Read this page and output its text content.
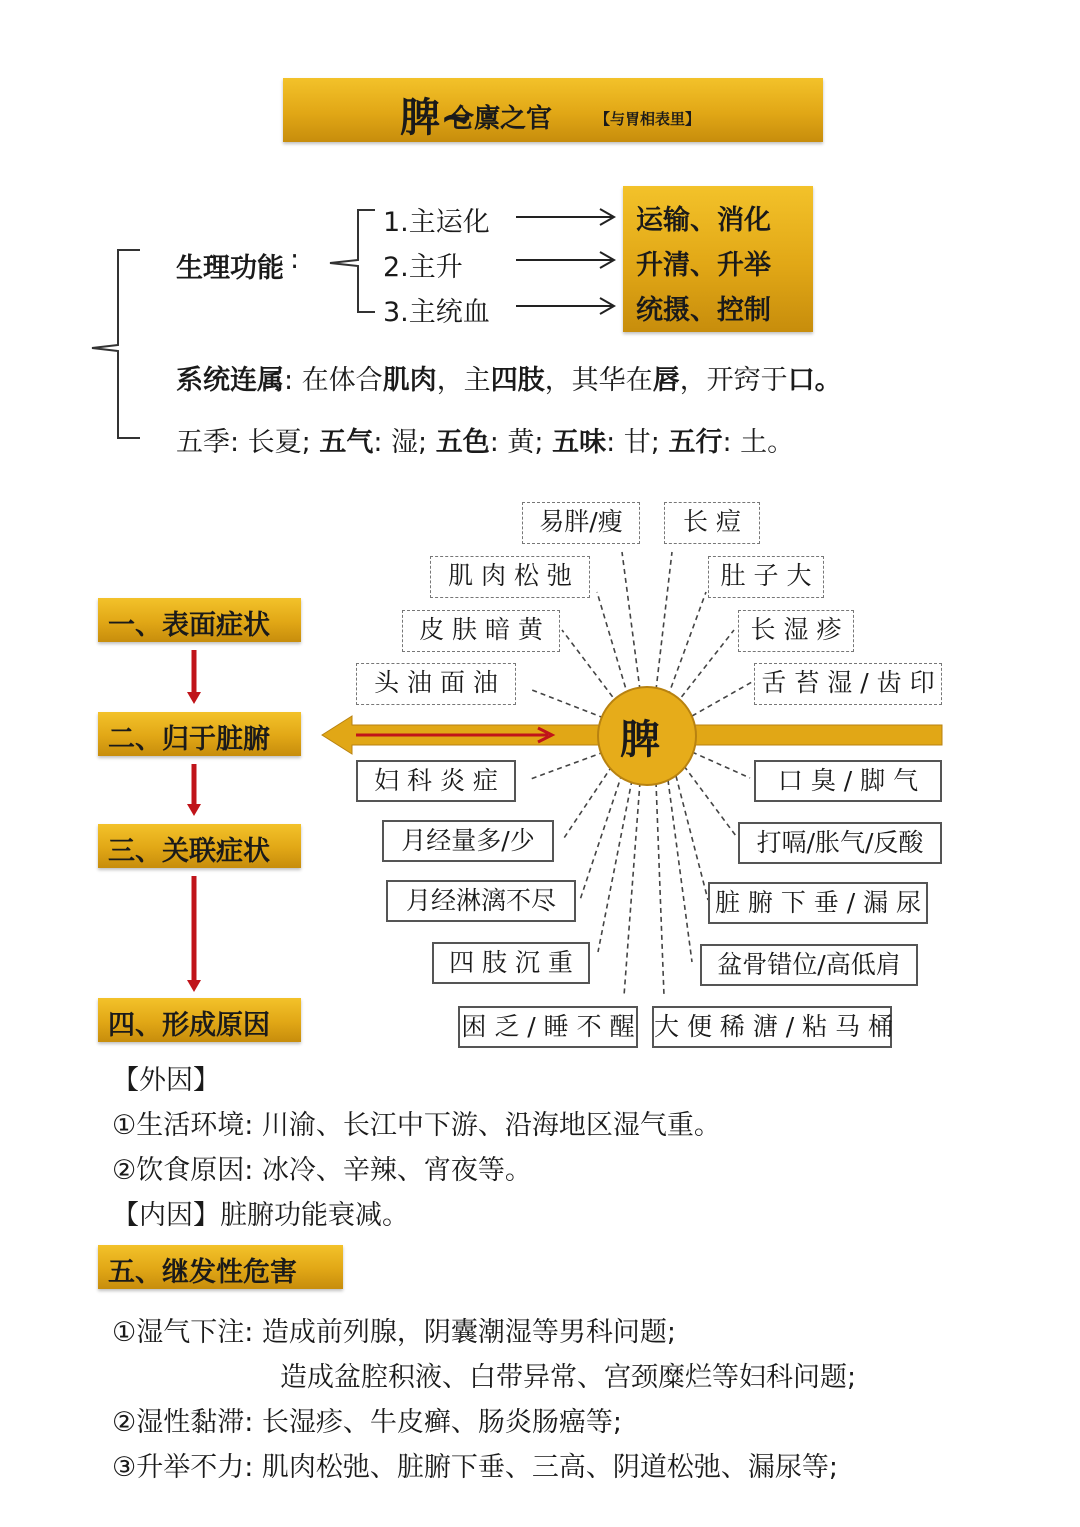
脾~
仓廪之官	【与胃相表里】
生理功能 :
1.主运化
2.主升
3.主统血
运输、消化
升清、升举
统摄、控制
系统连属: 在体合肌肉，主四肢，其华在唇，开窍于口。
五季: 长夏; 五气: 湿; 五色: 黄; 五味: 甘; 五行: 土。
脾
一、表面症状
二、归于脏腑
三、关联症状
四、形成原因
易胖/瘦	长 痘
肌 肉 松 弛	肚 子 大
皮 肤 暗 黄	长 湿 疹
头 油 面 油	舌 苔 湿 / 齿 印
妇 科 炎 症	口 臭 / 脚 气
月经量多/少	打嗝/胀气/反酸
月经淋漓不尽	脏 腑 下 垂 / 漏 尿
四 肢 沉 重	盆骨错位/高低肩
困 乏 / 睡 不 醒 大 便 稀 溏 / 粘 马 桶
【外因】
①生活环境: 川渝、长江中下游、沿海地区湿气重。
②饮食原因: 冰冷、辛辣、宵夜等。
【内因】脏腑功能衰减。
五、继发性危害
①湿气下注: 造成前列腺，阴囊潮湿等男科问题;
造成盆腔积液、白带异常、宫颈糜烂等妇科问题;
②湿性黏滞: 长湿疹、牛皮癣、肠炎肠癌等;
③升举不力: 肌肉松弛、脏腑下垂、三高、阴道松弛、漏尿等;
